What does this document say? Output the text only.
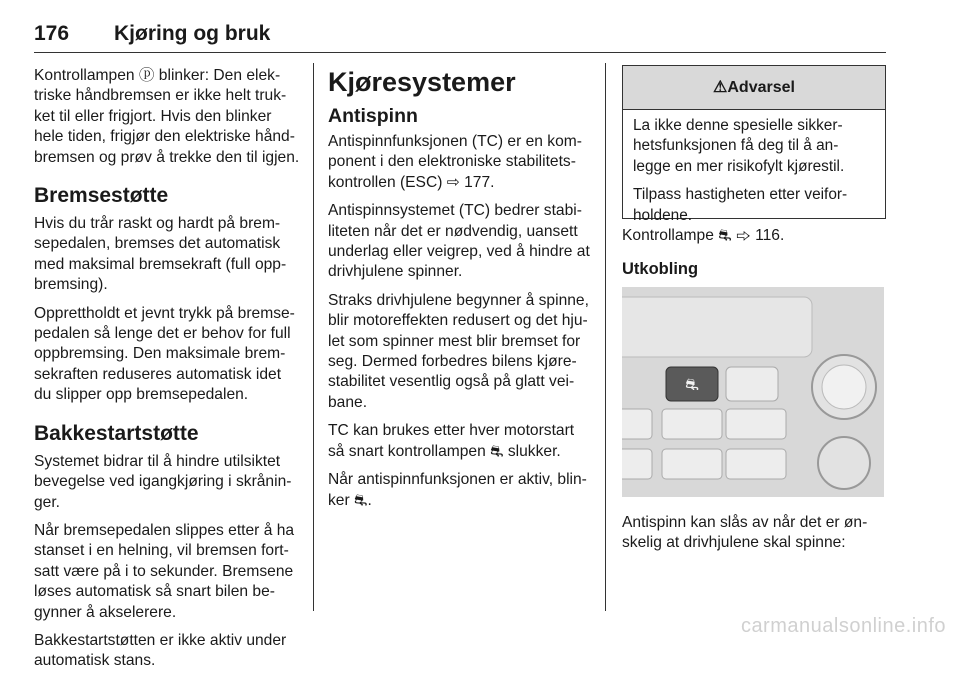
176 Kjøring og bruk

Kontrollampen ⓟ blinker: Den elek-triske håndbremsen er ikke helt truk-ket til eller frigjort. Hvis den blinker hele tiden, frigjør den elektriske hånd-bremsen og prøv å trekke den til igjen.

Bremsestøtte

Hvis du trår raskt og hardt på brem-sepedalen, bremses det automatisk med maksimal bremsekraft (full opp-bremsing).

Opprettholdt et jevnt trykk på bremse-pedalen så lenge det er behov for full oppbremsing. Den maksimale brem-sekraften reduseres automatisk idet du slipper opp bremsepedalen.

Bakkestartstøtte

Systemet bidrar til å hindre utilsiktet bevegelse ved igangkjøring i skrånin-ger.

Når bremsepedalen slippes etter å ha stanset i en helning, vil bremsen fort-satt være på i to sekunder. Bremsene løses automatisk så snart bilen be-gynner å akselerere.

Bakkestartstøtten er ikke aktiv under automatisk stans.

Kjøresystemer
Antispinn

Antispinnfunksjonen (TC) er en kom-ponent i den elektroniske stabilitets-kontrollen (ESC) ⇨ 177.

Antispinnsystemet (TC) bedrer stabi-liteten når det er nødvendig, uansett underlag eller veigrep, ved å hindre at drivhjulene spinner.

Straks drivhjulene begynner å spinne, blir motoreffekten redusert og det hju-let som spinner mest blir bremset for seg. Dermed forbedres bilens kjøre-stabilitet vesentlig også på glatt vei-bane.

TC kan brukes etter hver motorstart så snart kontrollampen ⛐ slukker.

Når antispinnfunksjonen er aktiv, blin-ker ⛐.

⚠Advarsel

La ikke denne spesielle sikker-hetsfunksjonen få deg til å an-legge en mer risikofylt kjørestil.

Tilpass hastigheten etter veifor-holdene.

Kontrollampe ⛐ ⇨ 116.

Utkobling
⛐

Antispinn kan slås av når det er øn-skelig at drivhjulene skal spinne:

carmanualsonline.info
